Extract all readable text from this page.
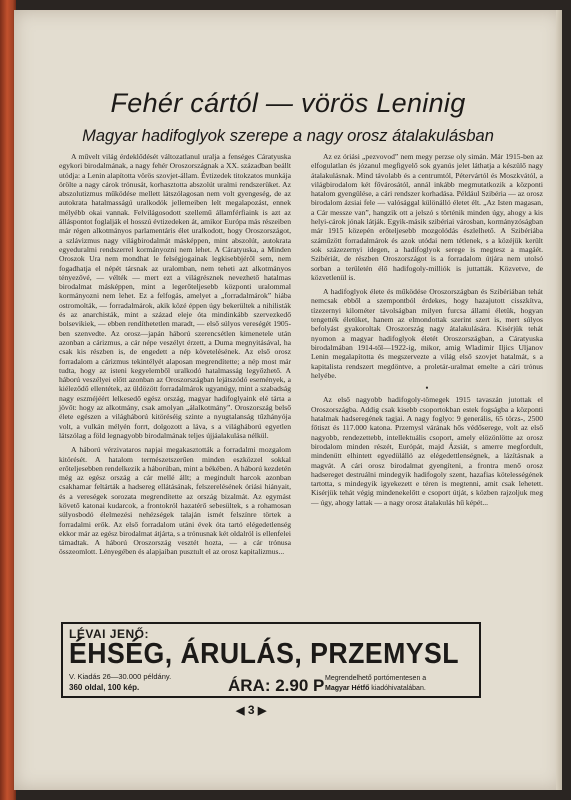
Fehér cártól — vörös Leninig
Magyar hadifoglyok szerepe a nagy orosz átalakulásban

A művelt világ érdeklődését változatlanul uralja a fenséges Cáratyuska egykori birodalmának, a nagy fehér Oroszországnak a XX. században beállt utódja: a Lenin alapította vörös szovjet-állam. Évtizedek titokzatos munkája örölte a nagy cárok trónusát, korhasztotta abszolút uralmi rendszerüket. Az abszolutizmus működése mellett látszólagosan nem volt gyengeség, de az autokrata hatalmasságú uralkodók jellemeiben lelt megalapozást, ennek mélyébb okai vannak. Felvilágosodott szellemű államférfiaink is azt az álláspontot foglalják el hosszú évtizedeken át, amikor Európa más részeiben már régen alkotmányos parlamentáris élet uralkodott, hogy Oroszországot, a szlávizmus nagy világbirodalmát másképpen, mint abszolút, autokrata egyeduralmi rendszerrel kormányozni nem lehet. A Cáratyuska, a Minden Oroszok Ura nem mondhat le felségjogainak legkisebbjéről sem, nem fogadhatja el népét társnak az uralomban, nem teheti azt alkotmányos tényezővé, — vélték — mert ezt a világrésznek nevezhető hatalmas birodalmat másképpen, mint a legerőteljesebb központi uralommal kormányozni nem lehet. Ez a felfogás, amelyet a „forradalmárok” hiába ostromolták, — forradalmárok, akik közé éppen úgy bekerültek a nihilisták és az anarchisták, mint a század eleje óta mindinkább szervezkedő bolsevikiek, — ebben rendíthetetlen maradt, — első súlyos vereségét 1905-ben szenvedte. Az orosz—japán háború szerencsétlen kimenetele után azonban a cárizmus, a cár népe veszélyt érzett, a Duma megnyitásával, ha csak kis részben is, de engedett a nép követelésének. Az első orosz forradalom a cárizmus tekintélyét alaposan megrendítette; a nép most már tudta, hogy az isteni kegyelemből uralkodó hatalmasság legyőzhető. A háború veszélyei előtt azonban az Oroszországban lejátszódó események, a kiéleződő ellentétek, az üldözött forradalmárok ugyanúgy, mint a szabadság nagy eszméjéért lelkesedő egész ország, magyar hadifoglyaink elé tárta a jövőt: hogy az alkotmány, csak amolyan „álalkotmány”. Oroszország belső élete egészen a világháború kitöréséig szinte a nyugtalanság tűzhányója volt, a vulkán mélyén forrt, dolgozott a láva, s a világháború egyetlen látszólag a föld legnagyobb birodalmának teljes újjáalakulása nélkül.

A háború vérzivataros napjai megakasztották a forradalmi mozgalom kitörését. A hatalom természetszerűen minden eszközzel sokkal erőteljesebben rendelkezik a háborúban, mint a békében. A háború kezdetén még az egész ország a cár mellé állt; a megindult harcok azonban csakhamar feltárták a hadsereg ellátásának, felszerelésének óriási hiányait, és a vereségek sorozata megrendítette az ország bizalmát. Az egymást követő katonai kudarcok, a frontokról hazatérő sebesültek, s a rohamosan súlyosbodó élelmezési nehézségek talaján ismét felszínre törtek a forradalmi erők. Az első forradalom utáni évek óta tartó elégedetlenség ekkor már az egész birodalmat átjárta, s a trónusnak két oldalról is ellenfelei támadtak. A háború Oroszország vesztét hozta, — a cár trónusa összeomlott. Lényegében és alapjaiban pusztult el az orosz kapitalizmus...

Az ez óriási „pezvovod” nem megy perzse oly simán. Már 1915-ben az elfogulatlan és józanul megfigyelő sok gyanús jelet láthatja a készülő nagy átalakulásnak. Mind távolabb és a centrumtól, Pétervártól és Moszkvától, a világbirodalom két fővárosától, annál inkább megmutatkozik a központi hatalom gyengülése, a cári rendszer korhadása. Például Szibéria — az orosz birodalom ázsiai fele — valósággal különálló életet élt. „Az Isten magasan, a Cár messze van”, hangzik ott a jelszó s történik minden úgy, ahogy a kis helyi-cárok jónak látják. Egyik-másik szibériai városban, kormányzóságban már 1915 közepén erőteljesebb mozgolódás észlelhető. A Szibériába száműzött forradalmárok és azok utódai nem tétlenek, s a közéjük került sok százezernyi idegen, a hadifoglyok serege is megtesz a magáét. Szibériát, de részben Oroszországot is a forradalom útjára nem utolsó sorban a területén élő hadifogoly-milliók is juttatták. Közvetve, de közvetlenül is.

A hadifoglyok élete és működése Oroszországban és Szibériában tehát nemcsak ebből a szempontból érdekes, hogy hazajutott cisszkítva, tízezernyi kilométer távolságban milyen furcsa állami életük, hogyan tengették életüket, hanem az elmondottak szerint szert is, mert súlyos befolyást gyakoroltak Oroszország nagy átalakulására. Kisérjük tehát nyomon a magyar hadifoglyok életét Oroszországban, a Cáratyuska birodalmában 1914-től—1922-ig, mikor, amig Wladimir Iljics Uljanov Lenin megalapította és megszervezte a világ első szovjet hatalmát, s a kapitalista rendszert megdöntve, a proletár-uralmat emelte a cári trónus helyébe.

•

Az első nagyobb hadifogoly-tömegek 1915 tavaszán jutottak el Oroszországba. Addig csak kisebb csoportokban estek fogságba a központi hatalmak hadseregének tagjai. A nagy foglyo: 9 generális, 65 törzs-, 2500 főtiszt és 117.000 katona. Przemysl várának hős védőserege, volt az első nagyobb, rendezettebb, intellektuális csoport, amely elözönlötte az orosz birodalom minden részét, Európát, majd Ázsiát, s amerre megfordult, mindenütt elhintett egyedülálló az elégedettlenségnek, a lázításnak a magvát. A cári orosz birodalmat gyengíteni, a frontra menő orosz hadsereget destruálni mindegyik hadifogoly szent, hazafias kötelességének tartotta, s mindegyik igyekezett e téren is megtenni, amit csak lehetett. Kisérjük tehát végig mindenekelőtt e csoport útját, s közben rajzoljuk meg — úgy, ahogy lattak — a nagy orosz átalakulás hű képét...

LÉVAI JENŐ:
ÉHSÉG, ÁRULÁS, PRZEMYSL
V. Kiadás 26—30.000 példány.
360 oldal, 100 kép.	ÁRA: 2.90 P Megrendelhető portómentesen a
Magyar Hétfő kiadóhivatalában.
◀ 3 ▶
